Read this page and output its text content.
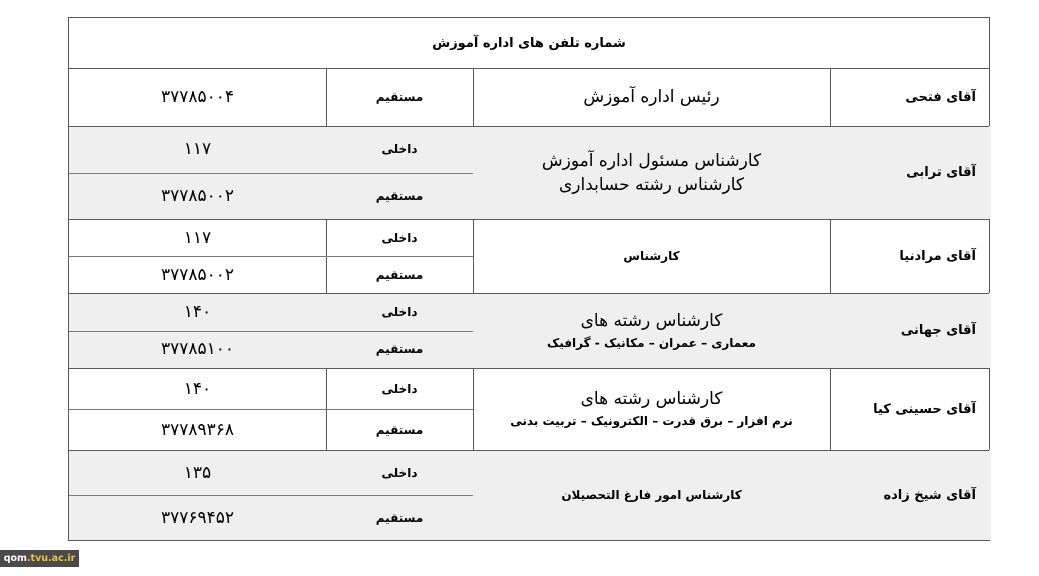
شماره تلفن های اداره آموزش
آقای فتحی
رئیس اداره آموزش
مستقیم
۳۷۷۸۵۰۰۴
آقای ترابی
کارشناس مسئول اداره آموزش
کارشناس رشته حسابداری
داخلی
۱۱۷
مستقیم
۳۷۷۸۵۰۰۲
آقای مرادنیا
کارشناس
داخلی
۱۱۷
مستقیم
۳۷۷۸۵۰۰۲
آقای جهانی
کارشناس رشته های
معماری – عمران – مکانیک - گرافیک
داخلی
۱۴۰
مستقیم
۳۷۷۸۵۱۰۰
آقای حسینی کیا
کارشناس رشته های
نرم افزار – برق قدرت – الکترونیک – تربیت بدنی
داخلی
۱۴۰
مستقیم
۳۷۷۸۹۳۶۸
آقای شیخ زاده
کارشناس امور فارغ التحصیلان
داخلی
۱۳۵
مستقیم
۳۷۷۶۹۴۵۲
qom .tvu.ac.ir
